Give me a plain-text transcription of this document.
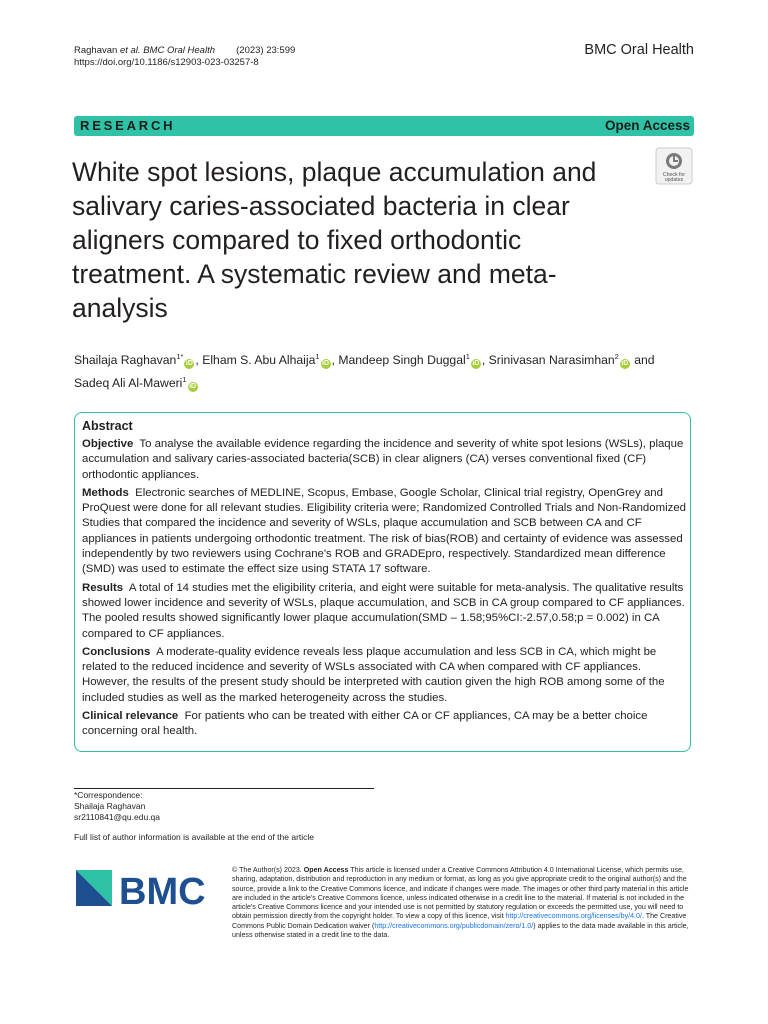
Raghavan et al. BMC Oral Health (2023) 23:599
https://doi.org/10.1186/s12903-023-03257-8
BMC Oral Health
RESEARCH	Open Access
Check for
updates
White spot lesions, plaque accumulation and salivary caries-associated bacteria in clear aligners compared to fixed orthodontic treatment. A systematic review and meta-analysis
Shailaja Raghavan$^{1*}$iD , Elham S. Abu Alhaija$^1$iD , Mandeep Singh Duggal$^1$iD , Srinivasan Narasimhan$^2$iD and
Sadeq Ali Al-Maweri$^1$iD
Abstract

Objective To analyse the available evidence regarding the incidence and severity of white spot lesions (WSLs), plaque accumulation and salivary caries-associated bacteria(SCB) in clear aligners (CA) verses conventional fixed (CF) orthodontic appliances.

Methods Electronic searches of MEDLINE, Scopus, Embase, Google Scholar, Clinical trial registry, OpenGrey and ProQuest were done for all relevant studies. Eligibility criteria were; Randomized Controlled Trials and Non-Randomized Studies that compared the incidence and severity of WSLs, plaque accumulation and SCB between CA and CF appliances in patients undergoing orthodontic treatment. The risk of bias(ROB) and certainty of evidence was assessed independently by two reviewers using Cochrane's ROB and GRADEpro, respectively. Standardized mean difference (SMD) was used to estimate the effect size using STATA 17 software.

Results A total of 14 studies met the eligibility criteria, and eight were suitable for meta-analysis. The qualitative results showed lower incidence and severity of WSLs, plaque accumulation, and SCB in CA group compared to CF appliances. The pooled results showed significantly lower plaque accumulation(SMD – 1.58;95%CI:-2.57,0.58;p = 0.002) in CA compared to CF appliances.

Conclusions A moderate-quality evidence reveals less plaque accumulation and less SCB in CA, which might be related to the reduced incidence and severity of WSLs associated with CA when compared with CF appliances. However, the results of the present study should be interpreted with caution given the high ROB among some of the included studies as well as the marked heterogeneity across the studies.

Clinical relevance For patients who can be treated with either CA or CF appliances, CA may be a better choice concerning oral health.

*Correspondence:
Shailaja Raghavan
sr2110841@qu.edu.qa
Full list of author information is available at the end of the article
BMC
© The Author(s) 2023. Open Access This article is licensed under a Creative Commons Attribution 4.0 International License, which permits use, sharing, adaptation, distribution and reproduction in any medium or format, as long as you give appropriate credit to the original author(s) and the source, provide a link to the Creative Commons licence, and indicate if changes were made. The images or other third party material in this article are included in the article's Creative Commons licence, unless indicated otherwise in a credit line to the material. If material is not included in the article's Creative Commons licence and your intended use is not permitted by statutory regulation or exceeds the permitted use, you will need to obtain permission directly from the copyright holder. To view a copy of this licence, visit http://creativecommons.org/licenses/by/4.0/. The Creative Commons Public Domain Dedication waiver (http://creativecommons.org/publicdomain/zero/1.0/) applies to the data made available in this article, unless otherwise stated in a credit line to the data.
